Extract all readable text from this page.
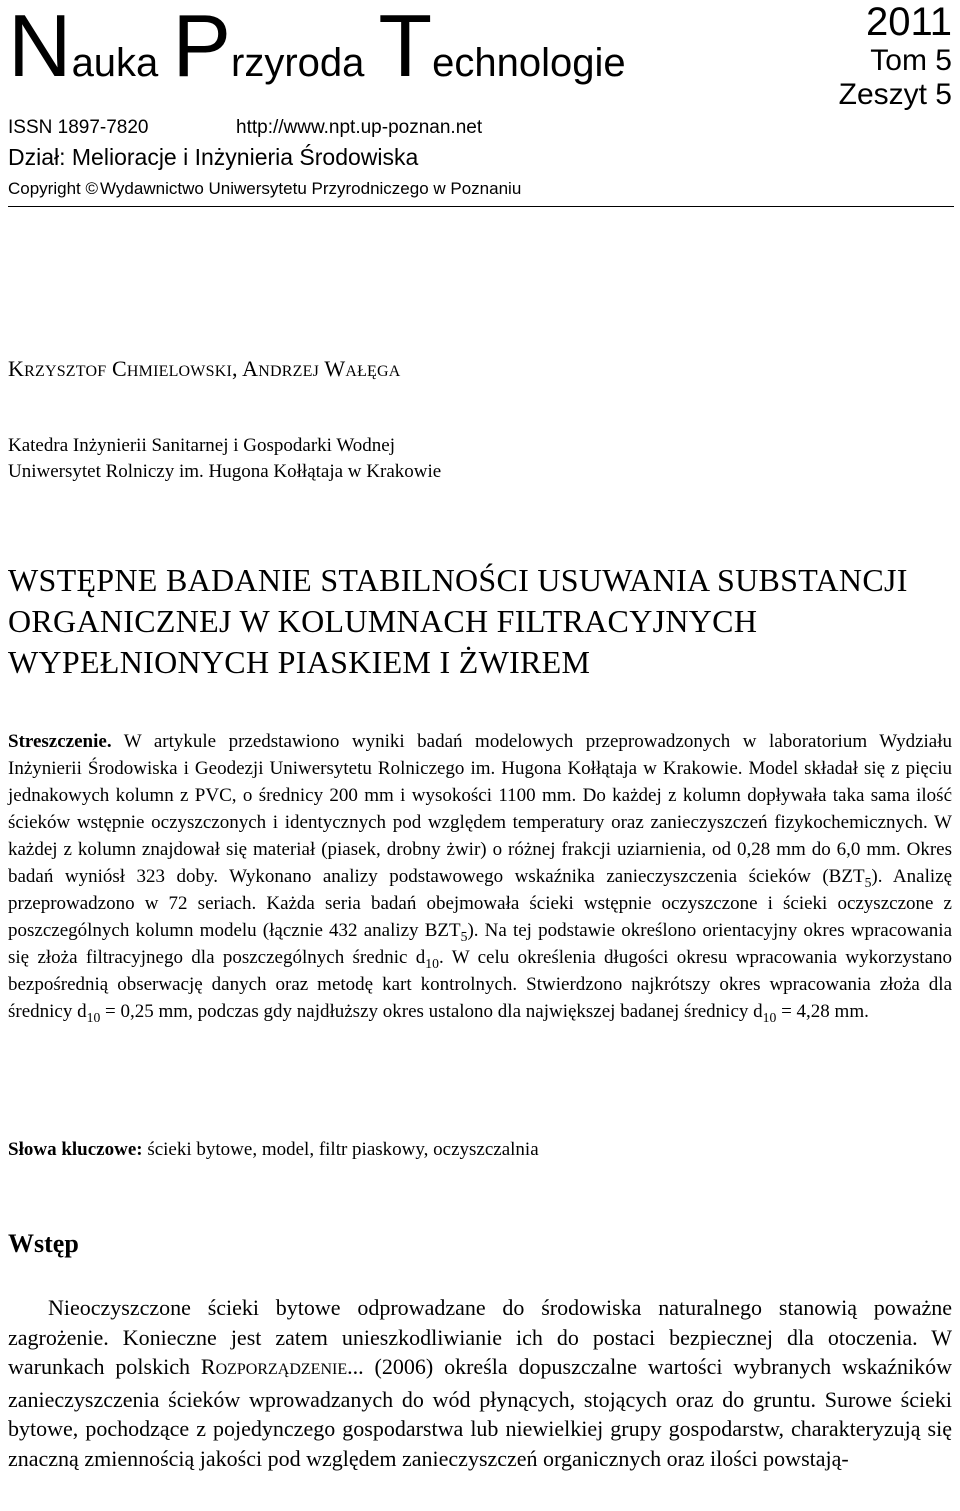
Nauka Przyroda Technologie
2011
Tom 5
Zeszyt 5
ISSN 1897-7820	http://www.npt.up-poznan.net
Dział: Melioracje i Inżynieria Środowiska
Copyright © Wydawnictwo Uniwersytetu Przyrodniczego w Poznaniu
KRZYSZTOF CHMIELOWSKI, ANDRZEJ WAŁĘGA
Katedra Inżynierii Sanitarnej i Gospodarki Wodnej
Uniwersytet Rolniczy im. Hugona Kołłątaja w Krakowie
WSTĘPNE BADANIE STABILNOŚCI USUWANIA SUBSTANCJI ORGANICZNEJ W KOLUMNACH FILTRACYJNYCH WYPEŁNIONYCH PIASKIEM I ŻWIREM
Streszczenie. W artykule przedstawiono wyniki badań modelowych przeprowadzonych w laboratorium Wydziału Inżynierii Środowiska i Geodezji Uniwersytetu Rolniczego im. Hugona Kołłątaja w Krakowie. Model składał się z pięciu jednakowych kolumn z PVC, o średnicy 200 mm i wysokości 1100 mm. Do każdej z kolumn dopływała taka sama ilość ścieków wstępnie oczyszczonych i identycznych pod względem temperatury oraz zanieczyszczeń fizykochemicznych. W każdej z kolumn znajdował się materiał (piasek, drobny żwir) o różnej frakcji uziarnienia, od 0,28 mm do 6,0 mm. Okres badań wyniósł 323 doby. Wykonano analizy podstawowego wskaźnika zanieczyszczenia ścieków $(BZT_5)$. Analizę przeprowadzono w 72 seriach. Każda seria badań obejmowała ścieki wstępnie oczyszczone i ścieki oczyszczone z poszczególnych kolumn modelu (łącznie 432 analizy $BZT_5$). Na tej podstawie określono orientacyjny okres wpracowania się złoża filtracyjnego dla poszczególnych średnic $d_{10}$. W celu określenia długości okresu wpracowania wykorzystano bezpośrednią obserwację danych oraz metodę kart kontrolnych. Stwierdzono najkrótszy okres wpracowania złoża dla średnicy $d_{10} = 0,25$ mm, podczas gdy najdłuższy okres ustalono dla największej badanej średnicy $d_{10} = 4,28$ mm.
Słowa kluczowe: ścieki bytowe, model, filtr piaskowy, oczyszczalnia
Wstęp

Nieoczyszczone ścieki bytowe odprowadzane do środowiska naturalnego stanowią poważne zagrożenie. Konieczne jest zatem unieszkodliwianie ich do postaci bezpiecznej dla otoczenia. W warunkach polskich ROZPORZĄDZENIE... (2006) określa dopuszczalne wartości wybranych wskaźników zanieczyszczenia ścieków wprowadzanych do wód płynących, stojących oraz do gruntu. Surowe ścieki bytowe, pochodzące z pojedynczego gospodarstwa lub niewielkiej grupy gospodarstw, charakteryzują się znaczną zmiennością jakości pod względem zanieczyszczeń organicznych oraz ilości powstają-
